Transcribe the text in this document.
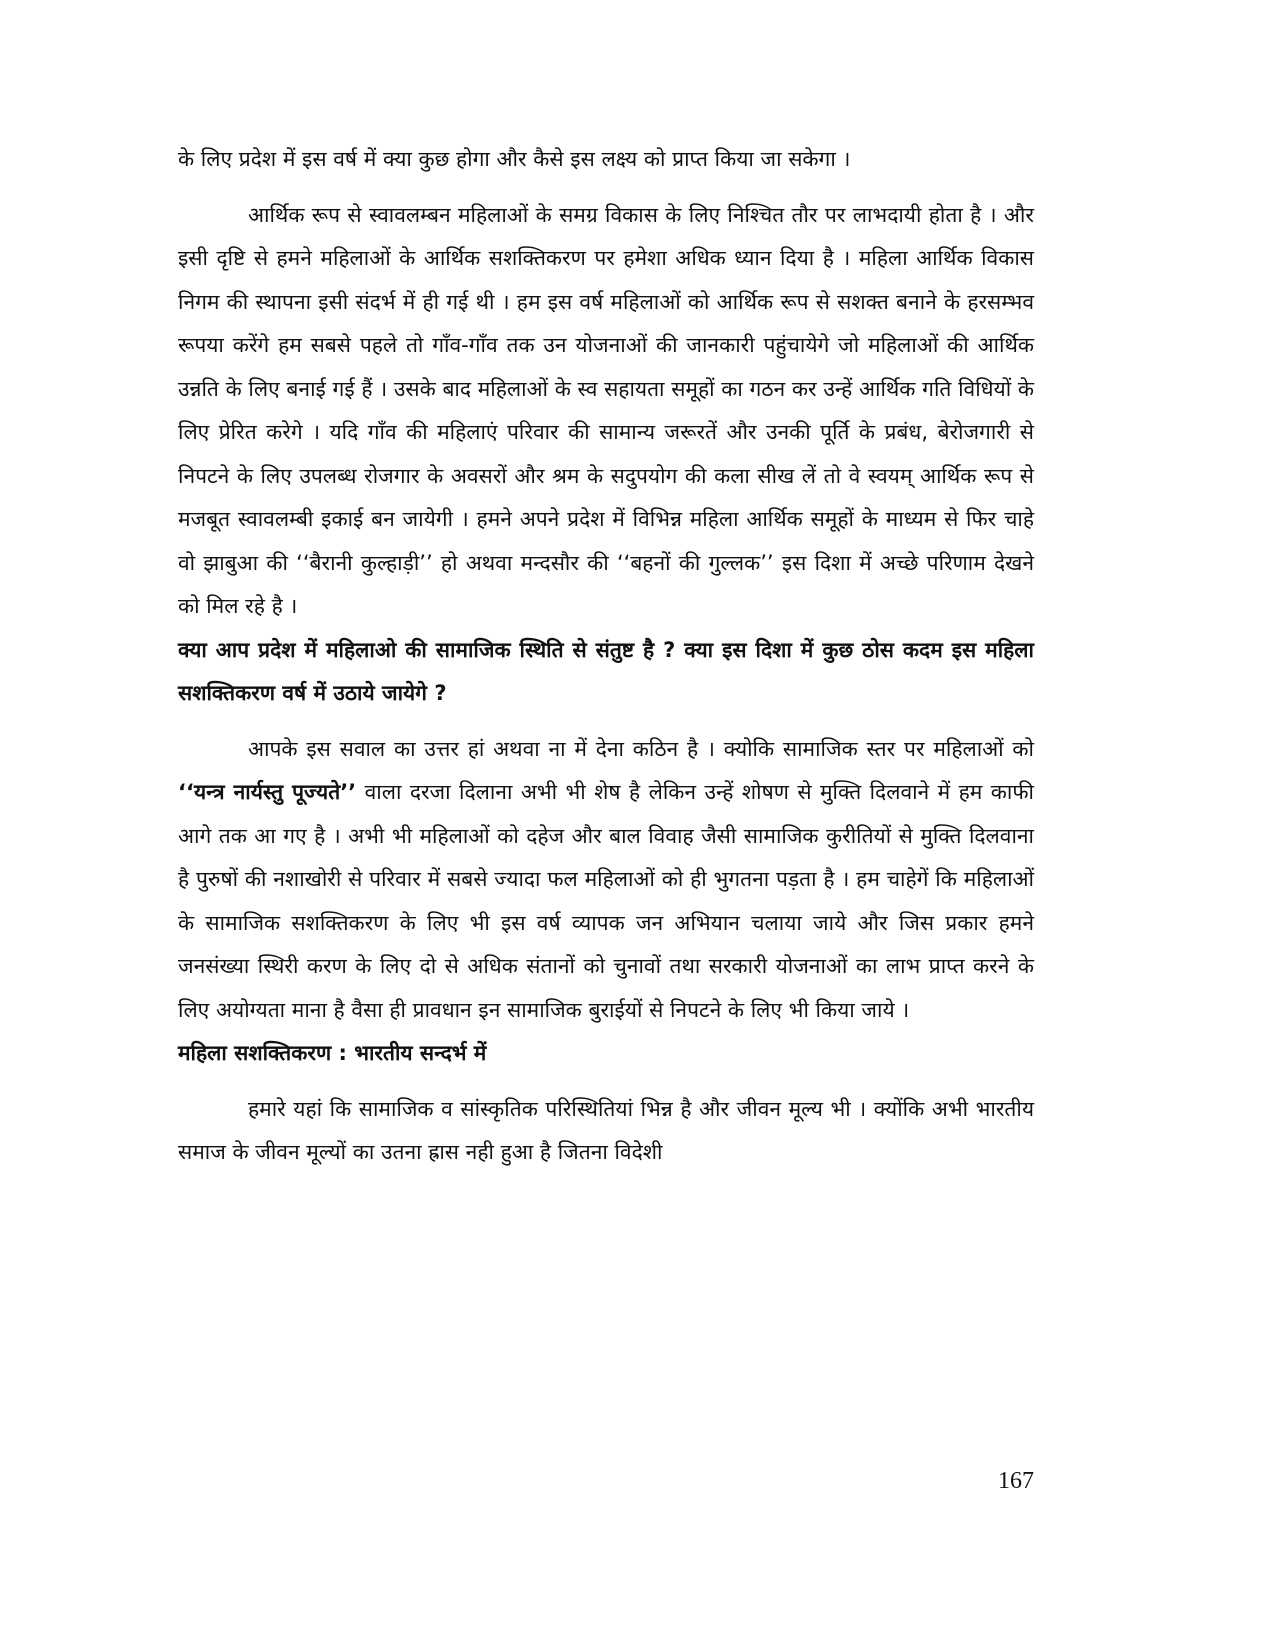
के लिए प्रदेश में इस वर्ष में क्या कुछ होगा और कैसे इस लक्ष्य को प्राप्त किया जा सकेगा ।

आर्थिक रूप से स्वावलम्बन महिलाओं के समग्र विकास के लिए निश्चित तौर पर लाभदायी होता है । और इसी दृष्टि से हमने महिलाओं के आर्थिक सशक्तिकरण पर हमेशा अधिक ध्यान दिया है । महिला आर्थिक विकास निगम की स्थापना इसी संदर्भ में ही गई थी । हम इस वर्ष महिलाओं को आर्थिक रूप से सशक्त बनाने के हरसम्भव रूपया करेंगे हम सबसे पहले तो गाँव-गाँव तक उन योजनाओं की जानकारी पहुंचायेगे जो महिलाओं की आर्थिक उन्नति के लिए बनाई गई हैं । उसके बाद महिलाओं के स्व सहायता समूहों का गठन कर उन्हें आर्थिक गति विधियों के लिए प्रेरित करेगे । यदि गाँव की महिलाएं परिवार की सामान्य जरूरतें और उनकी पूर्ति के प्रबंध, बेरोजगारी से निपटने के लिए उपलब्ध रोजगार के अवसरों और श्रम के सदुपयोग की कला सीख लें तो वे स्वयम् आर्थिक रूप से मजबूत स्वावलम्बी इकाई बन जायेगी । हमने अपने प्रदेश में विभिन्न महिला आर्थिक समूहों के माध्यम से फिर चाहे वो झाबुआ की ‘‘बैरानी कुल्हाड़ी’’ हो अथवा मन्दसौर की ‘‘बहनों की गुल्लक’’ इस दिशा में अच्छे परिणाम देखने को मिल रहे है ।

क्या आप प्रदेश में महिलाओ की सामाजिक स्थिति से संतुष्ट है ? क्या इस दिशा में कुछ ठोस कदम इस महिला सशक्तिकरण वर्ष में उठाये जायेगे ?

आपके इस सवाल का उत्तर हां अथवा ना में देना कठिन है । क्योकि सामाजिक स्तर पर महिलाओं को ‘‘यन्त्र नार्यस्तु पूज्यते’’ वाला दरजा दिलाना अभी भी शेष है लेकिन उन्हें शोषण से मुक्ति दिलवाने में हम काफी आगे तक आ गए है । अभी भी महिलाओं को दहेज और बाल विवाह जैसी सामाजिक कुरीतियों से मुक्ति दिलवाना है पुरुषों की नशाखोरी से परिवार में सबसे ज्यादा फल महिलाओं को ही भुगतना पड़ता है । हम चाहेगें कि महिलाओं के सामाजिक सशक्तिकरण के लिए भी इस वर्ष व्यापक जन अभियान चलाया जाये और जिस प्रकार हमने जनसंख्या स्थिरी करण के लिए दो से अधिक संतानों को चुनावों तथा सरकारी योजनाओं का लाभ प्राप्त करने के लिए अयोग्यता माना है वैसा ही प्रावधान इन सामाजिक बुराईयों से निपटने के लिए भी किया जाये ।

महिला सशक्तिकरण : भारतीय सन्दर्भ में

हमारे यहां कि सामाजिक व सांस्कृतिक परिस्थितियां भिन्न है और जीवन मूल्य भी । क्योंकि अभी भारतीय समाज के जीवन मूल्यों का उतना ह्रास नही हुआ है जितना विदेशी

167
